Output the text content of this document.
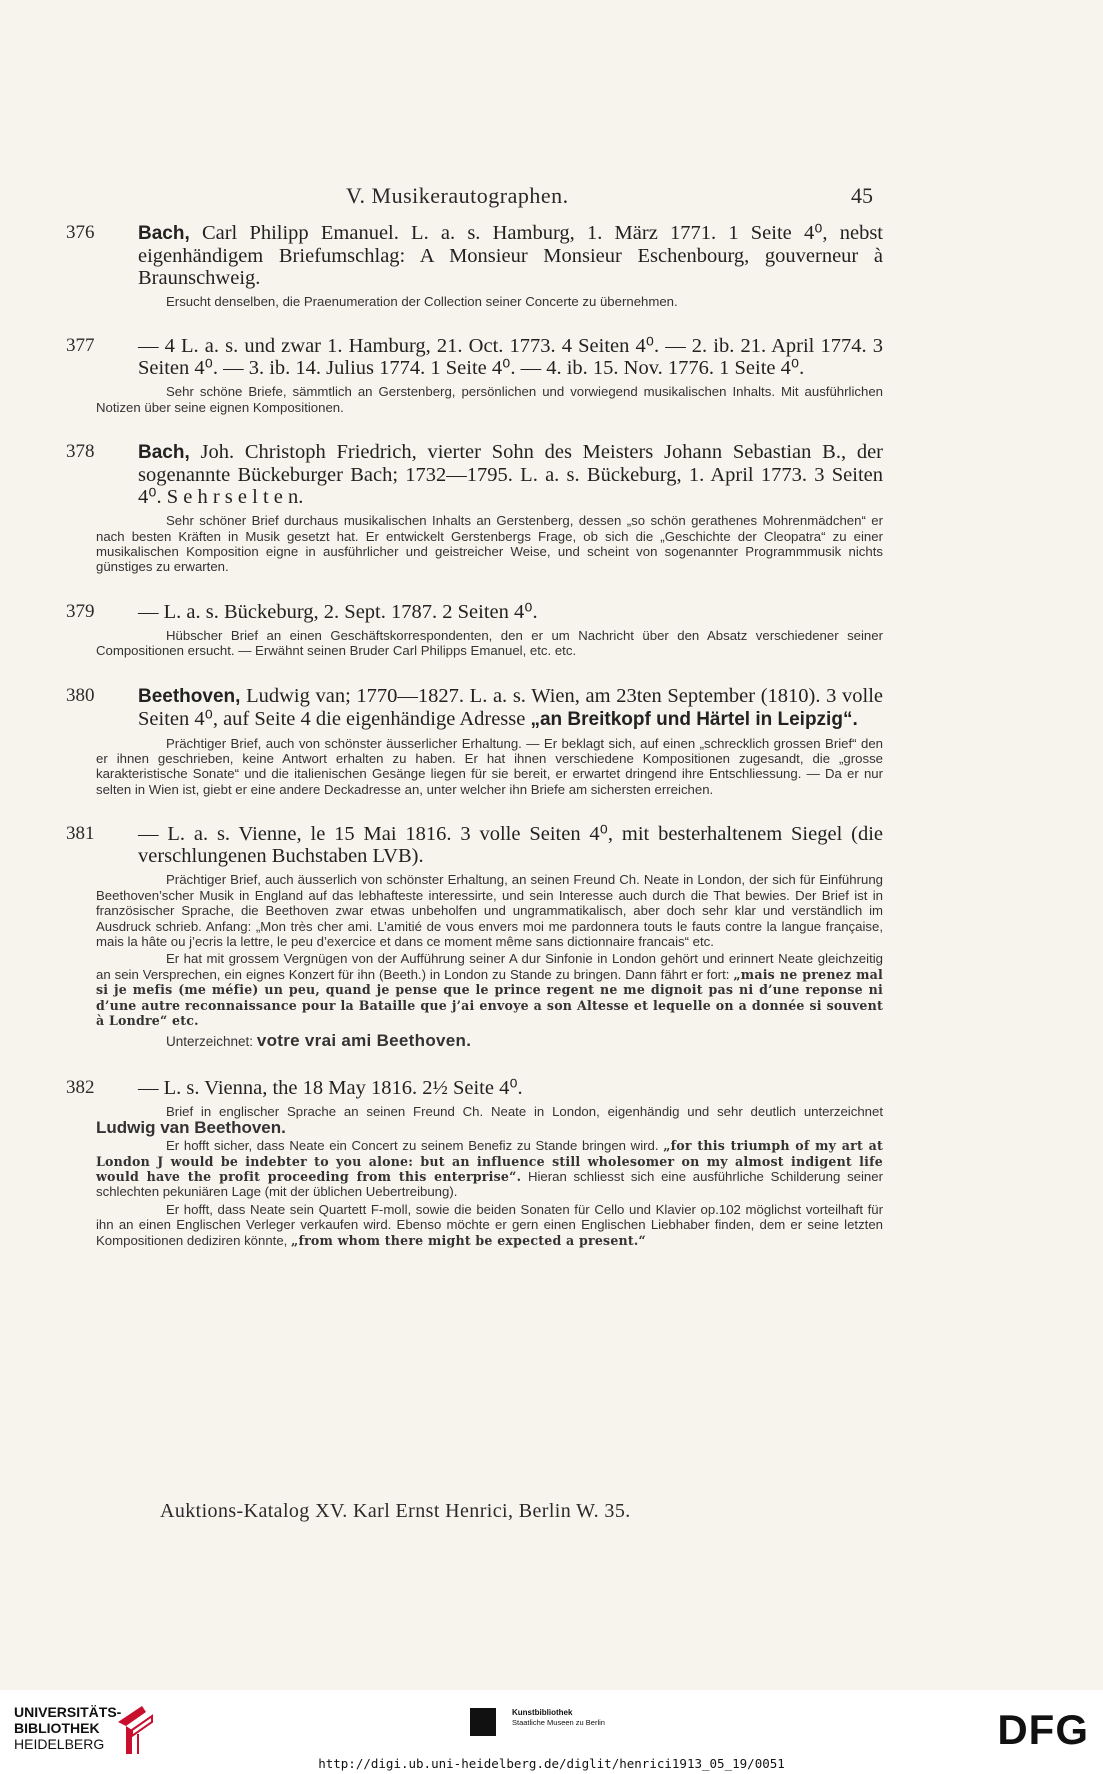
V. Musikerautographen.	45
376	Bach, Carl Philipp Emanuel. L. a. s. Hamburg, 1. März 1771. 1 Seite 4⁰, nebst eigenhändigem Briefumschlag: A Monsieur Monsieur Eschenbourg, gouverneur à Braunschweig.
Ersucht denselben, die Praenumeration der Collection seiner Concerte zu übernehmen.
377	— 4 L. a. s. und zwar 1. Hamburg, 21. Oct. 1773. 4 Seiten 4⁰. — 2. ib. 21. April 1774. 3 Seiten 4⁰. — 3. ib. 14. Julius 1774. 1 Seite 4⁰. — 4. ib. 15. Nov. 1776. 1 Seite 4⁰.
Sehr schöne Briefe, sämmtlich an Gerstenberg, persönlichen und vorwiegend musikalischen Inhalts. Mit ausführlichen Notizen über seine eignen Kompositionen.
378	Bach, Joh. Christoph Friedrich, vierter Sohn des Meisters Johann Sebastian B., der sogenannte Bückeburger Bach; 1732—1795. L. a. s. Bückeburg, 1. April 1773. 3 Seiten 4⁰. S e h r s e l t e n.
Sehr schöner Brief durchaus musikalischen Inhalts an Gerstenberg, dessen „so schön gerathenes Mohrenmädchen“ er nach besten Kräften in Musik gesetzt hat. Er entwickelt Gerstenbergs Frage, ob sich die „Geschichte der Cleopatra“ zu einer musikalischen Komposition eigne in ausführlicher und geistreicher Weise, und scheint von sogenannter Programmmusik nichts günstiges zu erwarten.
379	— L. a. s. Bückeburg, 2. Sept. 1787. 2 Seiten 4⁰.
Hübscher Brief an einen Geschäftskorrespondenten, den er um Nachricht über den Absatz verschiedener seiner Compositionen ersucht. — Erwähnt seinen Bruder Carl Philipps Emanuel, etc. etc.
380	Beethoven, Ludwig van; 1770—1827. L. a. s. Wien, am 23ten September (1810). 3 volle Seiten 4⁰, auf Seite 4 die eigenhändige Adresse „an Breitkopf und Härtel in Leipzig“.
Prächtiger Brief, auch von schönster äusserlicher Erhaltung. — Er beklagt sich, auf einen „schrecklich grossen Brief“ den er ihnen geschrieben, keine Antwort erhalten zu haben. Er hat ihnen verschiedene Kompositionen zugesandt, die „grosse karakteristische Sonate“ und die italienischen Gesänge liegen für sie bereit, er erwartet dringend ihre Entschliessung. — Da er nur selten in Wien ist, giebt er eine andere Deckadresse an, unter welcher ihn Briefe am sichersten erreichen.
381	— L. a. s. Vienne, le 15 Mai 1816. 3 volle Seiten 4⁰, mit besterhaltenem Siegel (die verschlungenen Buchstaben LVB).
Prächtiger Brief, auch äusserlich von schönster Erhaltung, an seinen Freund Ch. Neate in London, der sich für Einführung Beethoven’scher Musik in England auf das lebhafteste interessirte, und sein Interesse auch durch die That bewies. Der Brief ist in französischer Sprache, die Beethoven zwar etwas unbeholfen und ungrammatikalisch, aber doch sehr klar und verständlich im Ausdruck schrieb. Anfang: „Mon très cher ami. L’amitié de vous envers moi me pardonnera touts le fauts contre la langue française, mais la hâte ou j’ecris la lettre, le peu d’exercice et dans ce moment même sans dictionnaire francais“ etc.
Er hat mit grossem Vergnügen von der Aufführung seiner A dur Sinfonie in London gehört und erinnert Neate gleichzeitig an sein Versprechen, ein eignes Konzert für ihn (Beeth.) in London zu Stande zu bringen. Dann fährt er fort: „mais ne prenez mal si je mefis (me méfie) un peu, quand je pense que le prince regent ne me dignoit pas ni d’une reponse ni d’une autre reconnaissance pour la Bataille que j’ai envoye a son Altesse et lequelle on a donnée si souvent à Londre“ etc.
Unterzeichnet: votre vrai ami Beethoven.
382	— L. s. Vienna, the 18 May 1816. 2½ Seite 4⁰.
Brief in englischer Sprache an seinen Freund Ch. Neate in London, eigenhändig und sehr deutlich unterzeichnet Ludwig van Beethoven.
Er hofft sicher, dass Neate ein Concert zu seinem Benefiz zu Stande bringen wird. „for this triumph of my art at London J would be indebter to you alone: but an influence still wholesomer on my almost indigent life would have the profit proceeding from this enterprise“. Hieran schliesst sich eine ausführliche Schilderung seiner schlechten pekuniären Lage (mit der üblichen Uebertreibung).
Er hofft, dass Neate sein Quartett F-moll, sowie die beiden Sonaten für Cello und Klavier op.102 möglichst vorteilhaft für ihn an einen Englischen Verleger verkaufen wird. Ebenso möchte er gern einen Englischen Liebhaber finden, dem er seine letzten Kompositionen dediziren könnte, „from whom there might be expected a present.“
Auktions-Katalog XV. Karl Ernst Henrici, Berlin W. 35.
UNIVERSITÄTS-
BIBLIOTHEK
HEIDELBERG
Kunstbibliothek
Staatliche Museen zu Berlin	DFG
http://digi.ub.uni-heidelberg.de/diglit/henrici1913_05_19/0051
